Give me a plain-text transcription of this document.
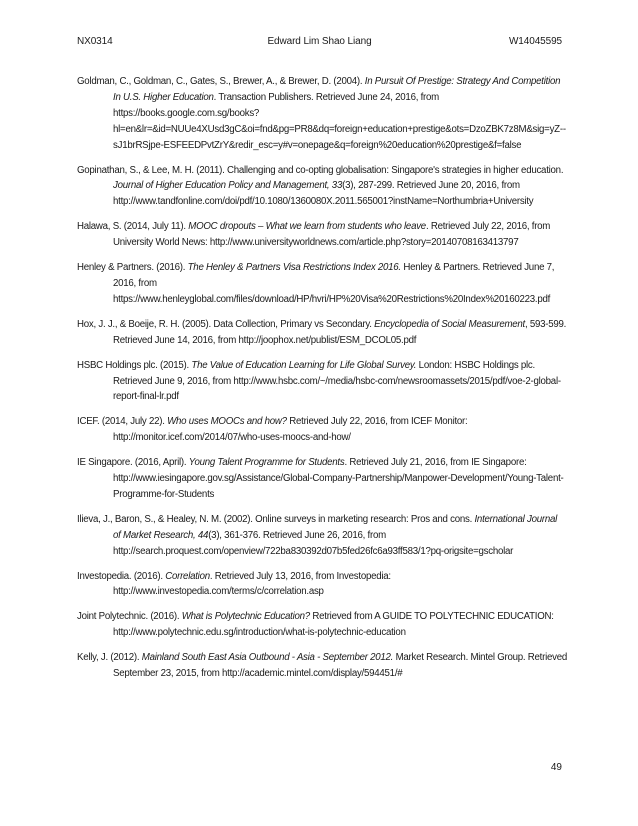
NX0314	Edward Lim Shao Liang	W14045595

Goldman, C., Goldman, C., Gates, S., Brewer, A., & Brewer, D. (2004). In Pursuit Of Prestige: Strategy And Competition In U.S. Higher Education. Transaction Publishers. Retrieved June 24, 2016, from https://books.google.com.sg/books?hl=en&lr=&id=NUUe4XUsd3gC&oi=fnd&pg=PR8&dq=foreign+education+prestige&ots=DzoZBK7z8M&sig=yZ--sJ1brRSjpe-ESFEEDPvtZrY&redir_esc=y#v=onepage&q=foreign%20education%20prestige&f=false

Gopinathan, S., & Lee, M. H. (2011). Challenging and co-opting globalisation: Singapore's strategies in higher education. Journal of Higher Education Policy and Management, 33(3), 287-299. Retrieved June 20, 2016, from http://www.tandfonline.com/doi/pdf/10.1080/1360080X.2011.565001?instName=Northumbria+University

Halawa, S. (2014, July 11). MOOC dropouts – What we learn from students who leave. Retrieved July 22, 2016, from University World News: http://www.universityworldnews.com/article.php?story=20140708163413797

Henley & Partners. (2016). The Henley & Partners Visa Restrictions Index 2016. Henley & Partners. Retrieved June 7, 2016, from https://www.henleyglobal.com/files/download/HP/hvri/HP%20Visa%20Restrictions%20Index%20160223.pdf

Hox, J. J., & Boeije, R. H. (2005). Data Collection, Primary vs Secondary. Encyclopedia of Social Measurement, 593-599. Retrieved June 14, 2016, from http://joophox.net/publist/ESM_DCOL05.pdf

HSBC Holdings plc. (2015). The Value of Education Learning for Life Global Survey. London: HSBC Holdings plc. Retrieved June 9, 2016, from http://www.hsbc.com/~/media/hsbc-com/newsroomassets/2015/pdf/voe-2-global-report-final-lr.pdf

ICEF. (2014, July 22). Who uses MOOCs and how? Retrieved July 22, 2016, from ICEF Monitor: http://monitor.icef.com/2014/07/who-uses-moocs-and-how/

IE Singapore. (2016, April). Young Talent Programme for Students. Retrieved July 21, 2016, from IE Singapore: http://www.iesingapore.gov.sg/Assistance/Global-Company-Partnership/Manpower-Development/Young-Talent-Programme-for-Students

Ilieva, J., Baron, S., & Healey, N. M. (2002). Online surveys in marketing research: Pros and cons. International Journal of Market Research, 44(3), 361-376. Retrieved June 26, 2016, from http://search.proquest.com/openview/722ba830392d07b5fed26fc6a93ff583/1?pq-origsite=gscholar

Investopedia. (2016). Correlation. Retrieved July 13, 2016, from Investopedia: http://www.investopedia.com/terms/c/correlation.asp

Joint Polytechnic. (2016). What is Polytechnic Education? Retrieved from A GUIDE TO POLYTECHNIC EDUCATION: http://www.polytechnic.edu.sg/introduction/what-is-polytechnic-education

Kelly, J. (2012). Mainland South East Asia Outbound - Asia - September 2012. Market Research. Mintel Group. Retrieved September 23, 2015, from http://academic.mintel.com/display/594451/#

49
